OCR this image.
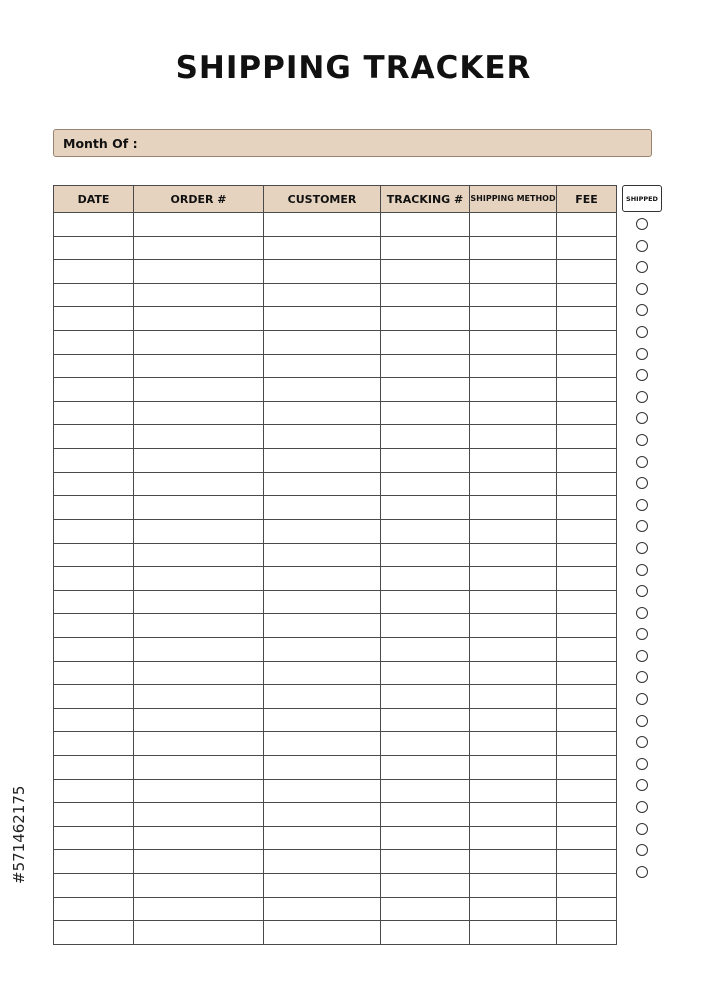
SHIPPING TRACKER
Month Of :
DATE	ORDER #	CUSTOMER	TRACKING #	SHIPPING METHOD	FEE

						SHIPPED
#571462175
